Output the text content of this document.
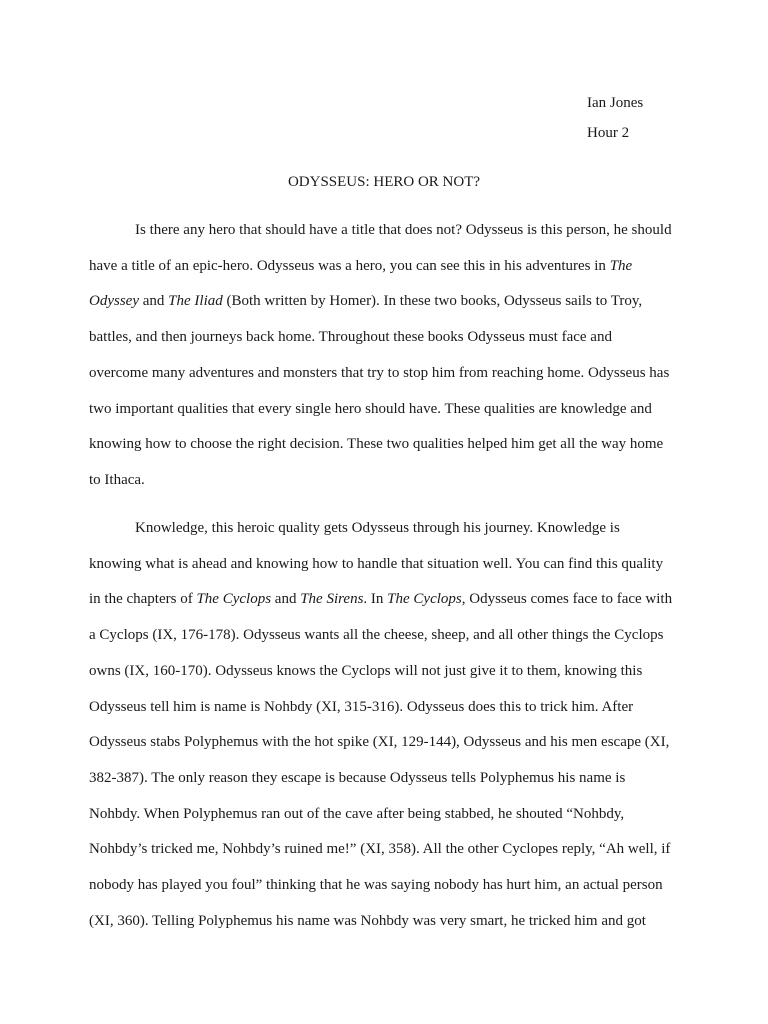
Ian Jones
Hour 2
ODYSSEUS: HERO OR NOT?
Is there any hero that should have a title that does not? Odysseus is this person, he should
have a title of an epic-hero. Odysseus was a hero, you can see this in his adventures in The
Odyssey and The Iliad (Both written by Homer). In these two books, Odysseus sails to Troy,
battles, and then journeys back home. Throughout these books Odysseus must face and
overcome many adventures and monsters that try to stop him from reaching home. Odysseus has
two important qualities that every single hero should have. These qualities are knowledge and
knowing how to choose the right decision. These two qualities helped him get all the way home
to Ithaca.
Knowledge, this heroic quality gets Odysseus through his journey. Knowledge is
knowing what is ahead and knowing how to handle that situation well. You can find this quality
in the chapters of The Cyclops and The Sirens. In The Cyclops, Odysseus comes face to face with
a Cyclops (IX, 176-178). Odysseus wants all the cheese, sheep, and all other things the Cyclops
owns (IX, 160-170). Odysseus knows the Cyclops will not just give it to them, knowing this
Odysseus tell him is name is Nohbdy (XI, 315-316). Odysseus does this to trick him. After
Odysseus stabs Polyphemus with the hot spike (XI, 129-144), Odysseus and his men escape (XI,
382-387). The only reason they escape is because Odysseus tells Polyphemus his name is
Nohbdy. When Polyphemus ran out of the cave after being stabbed, he shouted “Nohbdy,
Nohbdy’s tricked me, Nohbdy’s ruined me!” (XI, 358). All the other Cyclopes reply, “Ah well, if
nobody has played you foul” thinking that he was saying nobody has hurt him, an actual person
(XI, 360). Telling Polyphemus his name was Nohbdy was very smart, he tricked him and got
